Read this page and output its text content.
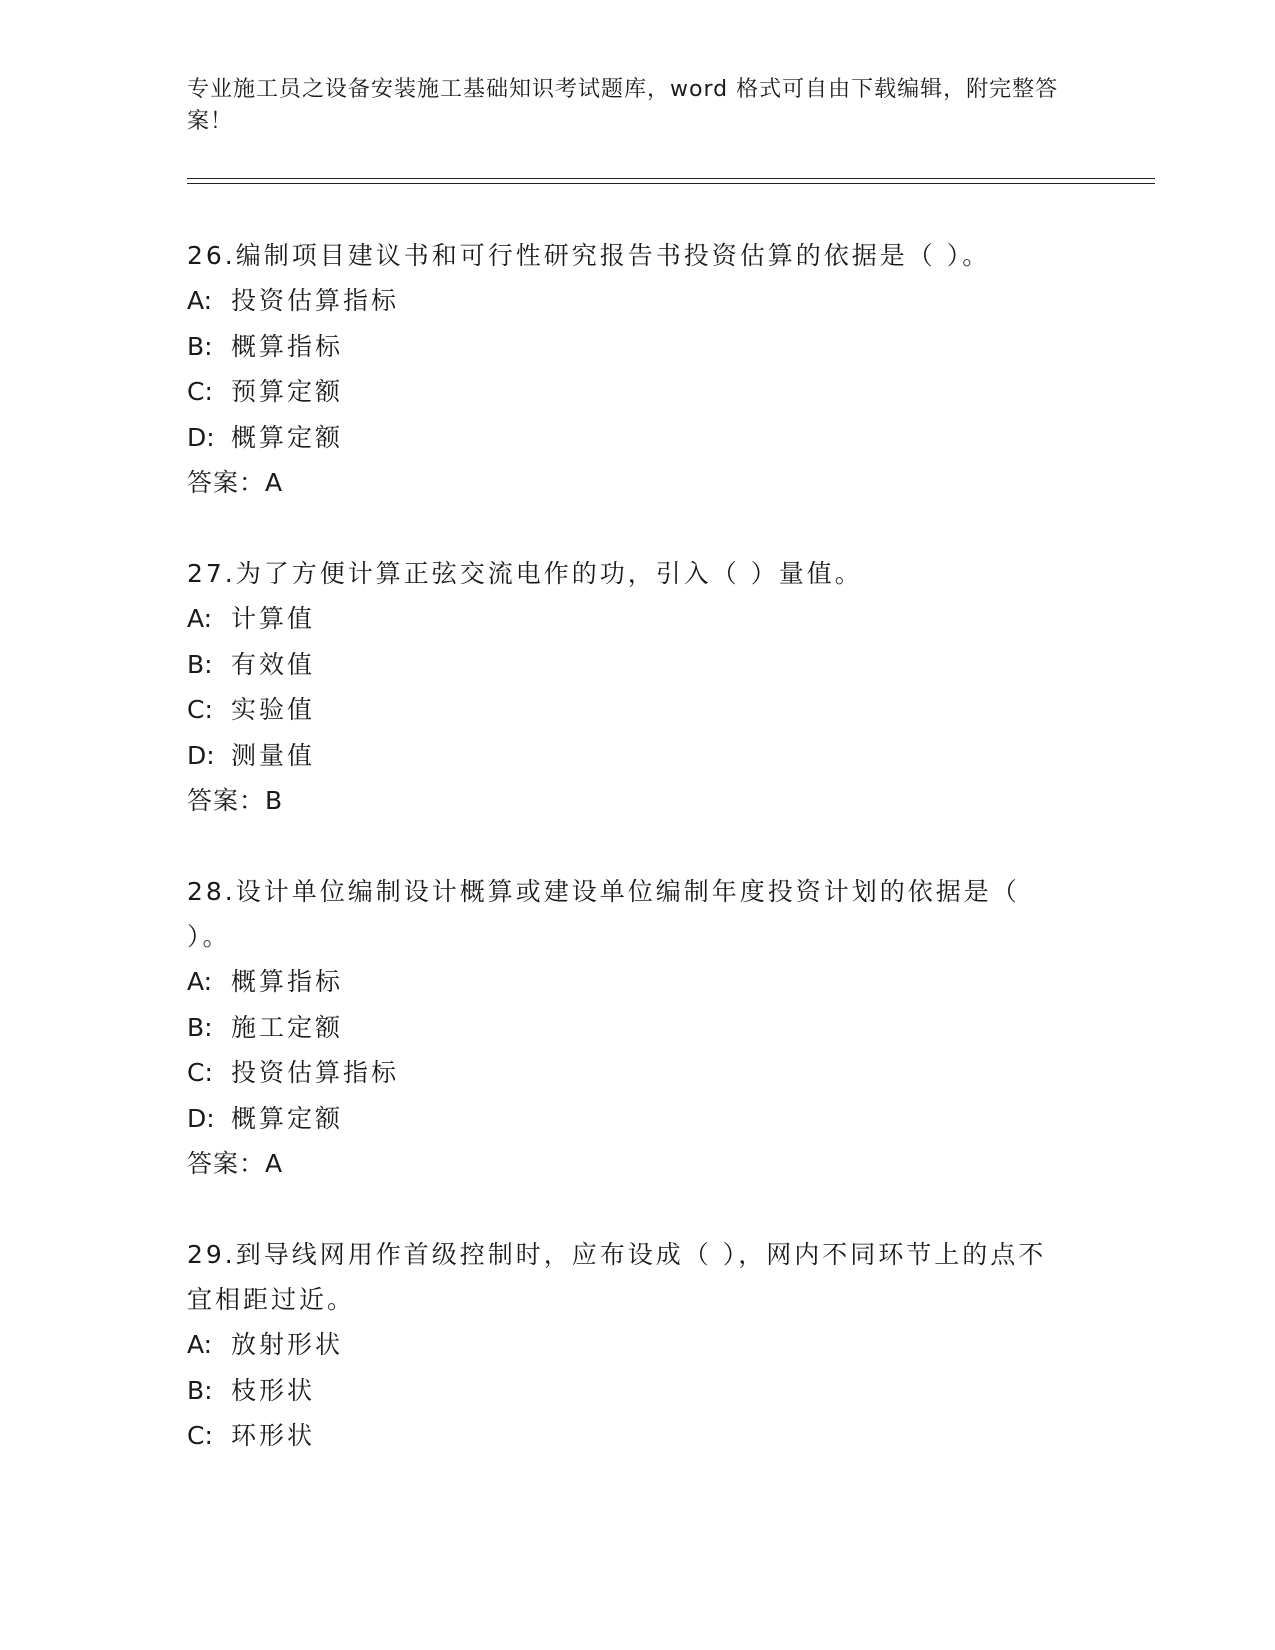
专业施工员之设备安装施工基础知识考试题库，word 格式可自由下载编辑，附完整答案！

26.编制项目建议书和可行性研究报告书投资估算的依据是（ ）。

A: 投资估算指标

B: 概算指标

C: 预算定额

D: 概算定额

答案：A

27.为了方便计算正弦交流电作的功，引入（ ）量值。

A: 计算值

B: 有效值

C: 实验值

D: 测量值

答案：B

28.设计单位编制设计概算或建设单位编制年度投资计划的依据是（ ）。

A: 概算指标

B: 施工定额

C: 投资估算指标

D: 概算定额

答案：A

29.到导线网用作首级控制时，应布设成（ ），网内不同环节上的点不宜相距过近。

A: 放射形状

B: 枝形状

C: 环形状
